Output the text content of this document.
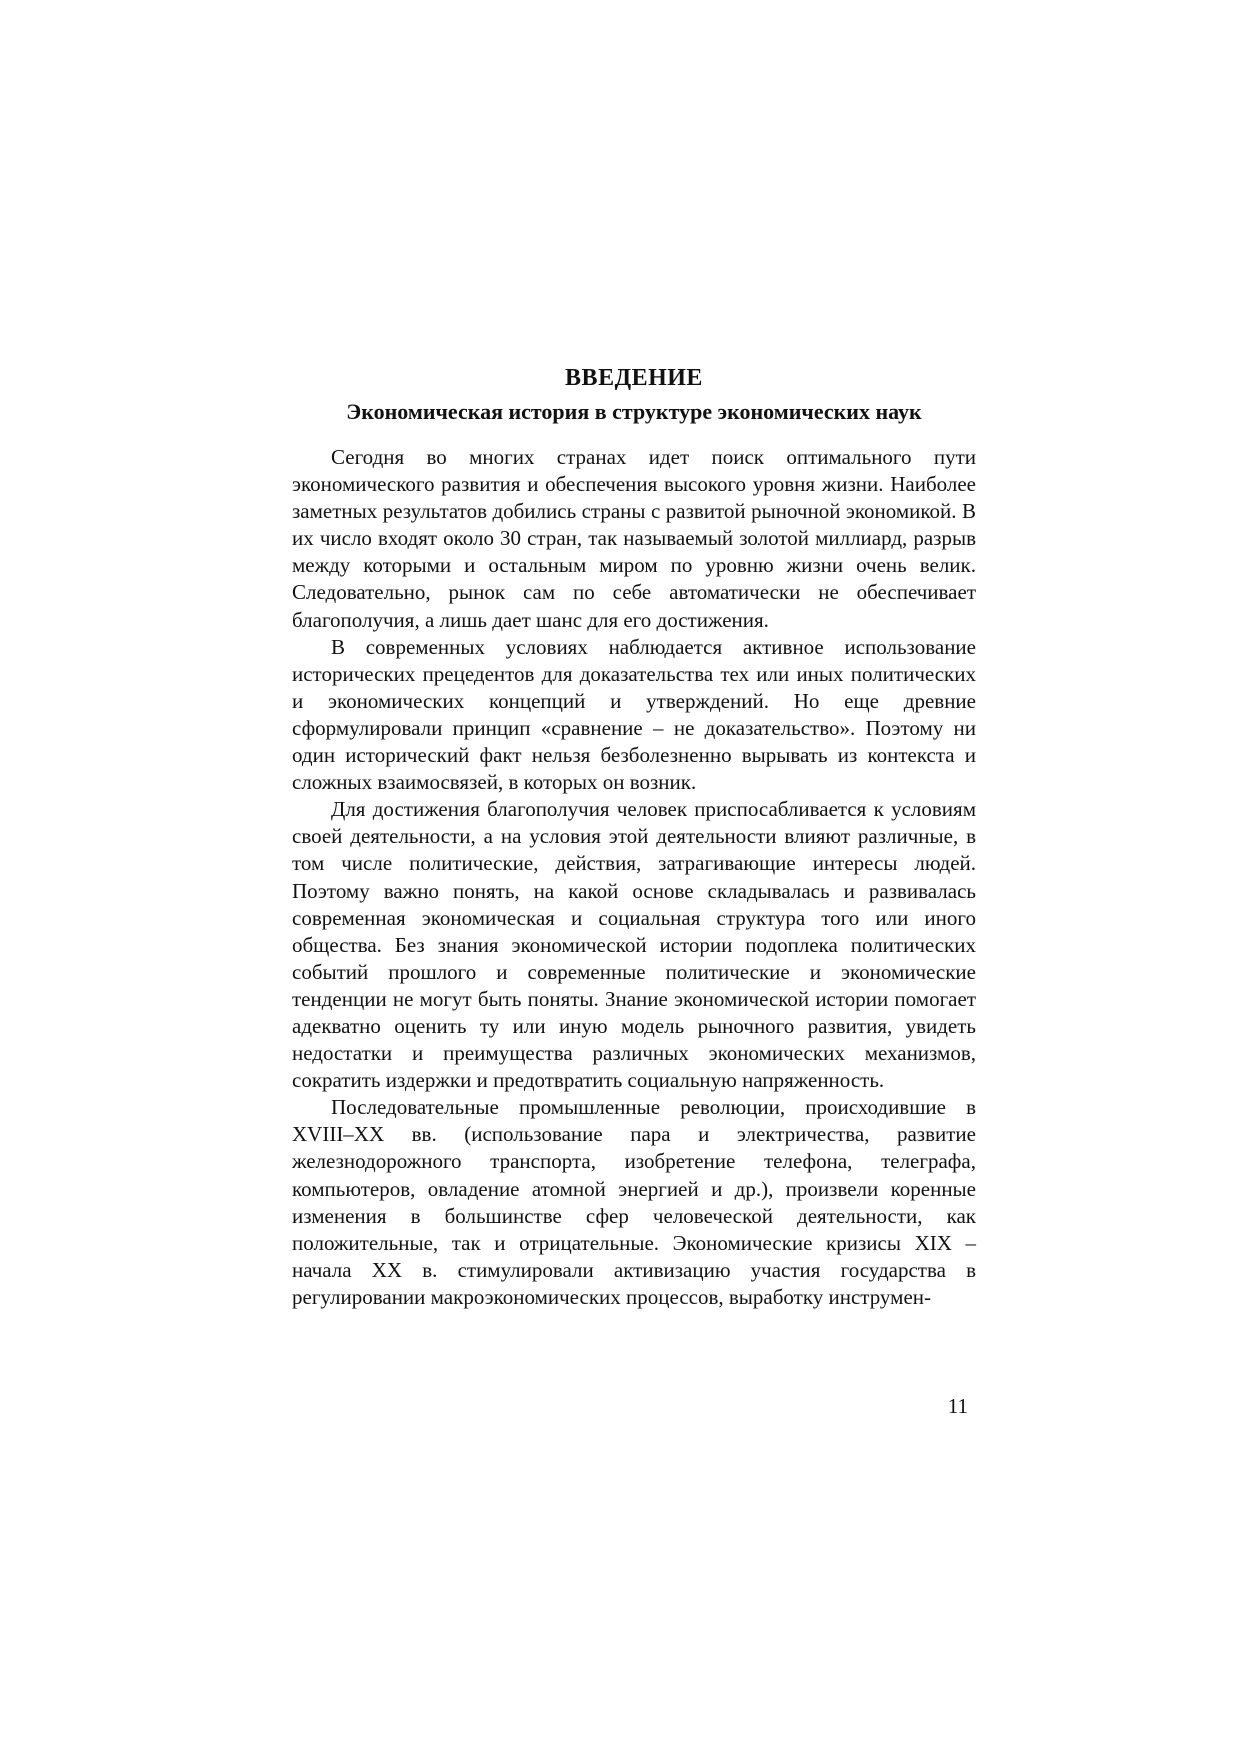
ВВЕДЕНИЕ
Экономическая история в структуре экономических наук

Сегодня во многих странах идет поиск оптимального пути экономического развития и обеспечения высокого уровня жизни. Наиболее заметных результатов добились страны с развитой рыночной экономикой. В их число входят около 30 стран, так называемый золотой миллиард, разрыв между которыми и остальным миром по уровню жизни очень велик. Следовательно, рынок сам по себе автоматически не обеспечивает благополучия, а лишь дает шанс для его достижения.

В современных условиях наблюдается активное использование исторических прецедентов для доказательства тех или иных политических и экономических концепций и утверждений. Но еще древние сформулировали принцип «сравнение – не доказательство». Поэтому ни один исторический факт нельзя безболезненно вырывать из контекста и сложных взаимосвязей, в которых он возник.

Для достижения благополучия человек приспосабливается к условиям своей деятельности, а на условия этой деятельности влияют различные, в том числе политические, действия, затрагивающие интересы людей. Поэтому важно понять, на какой основе складывалась и развивалась современная экономическая и социальная структура того или иного общества. Без знания экономической истории подоплека политических событий прошлого и современные политические и экономические тенденции не могут быть поняты. Знание экономической истории помогает адекватно оценить ту или иную модель рыночного развития, увидеть недостатки и преимущества различных экономических механизмов, сократить издержки и предотвратить социальную напряженность.

Последовательные промышленные революции, происходившие в XVIII–XX вв. (использование пара и электричества, развитие железнодорожного транспорта, изобретение телефона, телеграфа, компьютеров, овладение атомной энергией и др.), произвели коренные изменения в большинстве сфер человеческой деятельности, как положительные, так и отрицательные. Экономические кризисы XIX – начала XX в. стимулировали активизацию участия государства в регулировании макроэкономических процессов, выработку инструмен-

11
